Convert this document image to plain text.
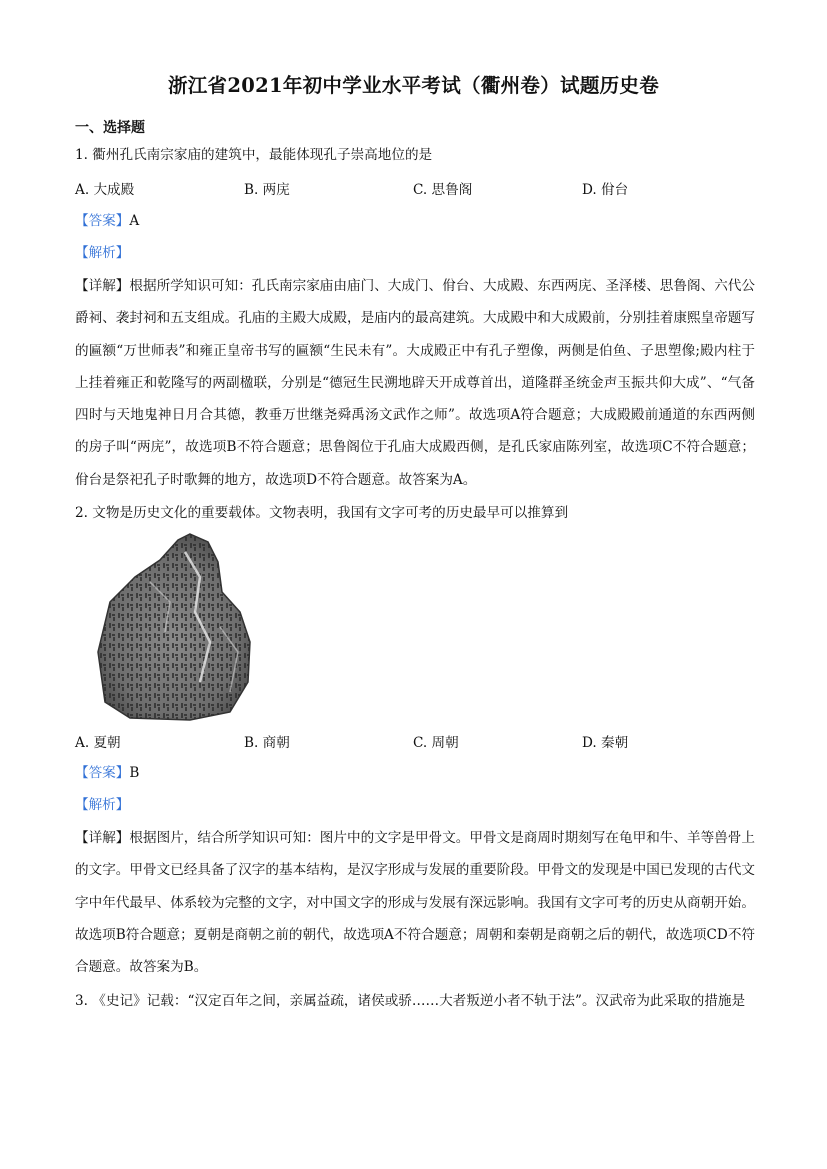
浙江省2021年初中学业水平考试（衢州卷）试题历史卷
一、选择题
1. 衢州孔氏南宗家庙的建筑中，最能体现孔子崇高地位的是
A. 大成殿	B. 两庑	C. 思鲁阁	D. 佾台
【答案】A
【解析】
【详解】根据所学知识可知：孔氏南宗家庙由庙门、大成门、佾台、大成殿、东西两庑、圣泽楼、思鲁阁、六代公爵祠、袭封祠和五支组成。孔庙的主殿大成殿，是庙内的最高建筑。大成殿中和大成殿前，分别挂着康熙皇帝题写的匾额“万世师表”和雍正皇帝书写的匾额“生民未有”。大成殿正中有孔子塑像，两侧是伯鱼、子思塑像;殿内柱于上挂着雍正和乾隆写的两副楹联，分别是“德冠生民溯地辟天开成尊首出，道隆群圣统金声玉振共仰大成”、“气备四时与天地鬼神日月合其德，教垂万世继尧舜禹汤文武作之师”。故选项A符合题意；大成殿殿前通道的东西两侧的房子叫“两庑”，故选项B不符合题意；思鲁阁位于孔庙大成殿西侧，是孔氏家庙陈列室，故选项C不符合题意；佾台是祭祀孔子时歌舞的地方，故选项D不符合题意。故答案为A。
2. 文物是历史文化的重要载体。文物表明，我国有文字可考的历史最早可以推算到
A. 夏朝	B. 商朝	C. 周朝	D. 秦朝
【答案】B
【解析】
【详解】根据图片，结合所学知识可知：图片中的文字是甲骨文。甲骨文是商周时期刻写在龟甲和牛、羊等兽骨上的文字。甲骨文已经具备了汉字的基本结构，是汉字形成与发展的重要阶段。甲骨文的发现是中国已发现的古代文字中年代最早、体系较为完整的文字，对中国文字的形成与发展有深远影响。我国有文字可考的历史从商朝开始。故选项B符合题意；夏朝是商朝之前的朝代，故选项A不符合题意；周朝和秦朝是商朝之后的朝代，故选项CD不符合题意。故答案为B。
3. 《史记》记载：“汉定百年之间，亲属益疏，诸侯或骄……大者叛逆小者不轨于法”。汉武帝为此采取的措施是
